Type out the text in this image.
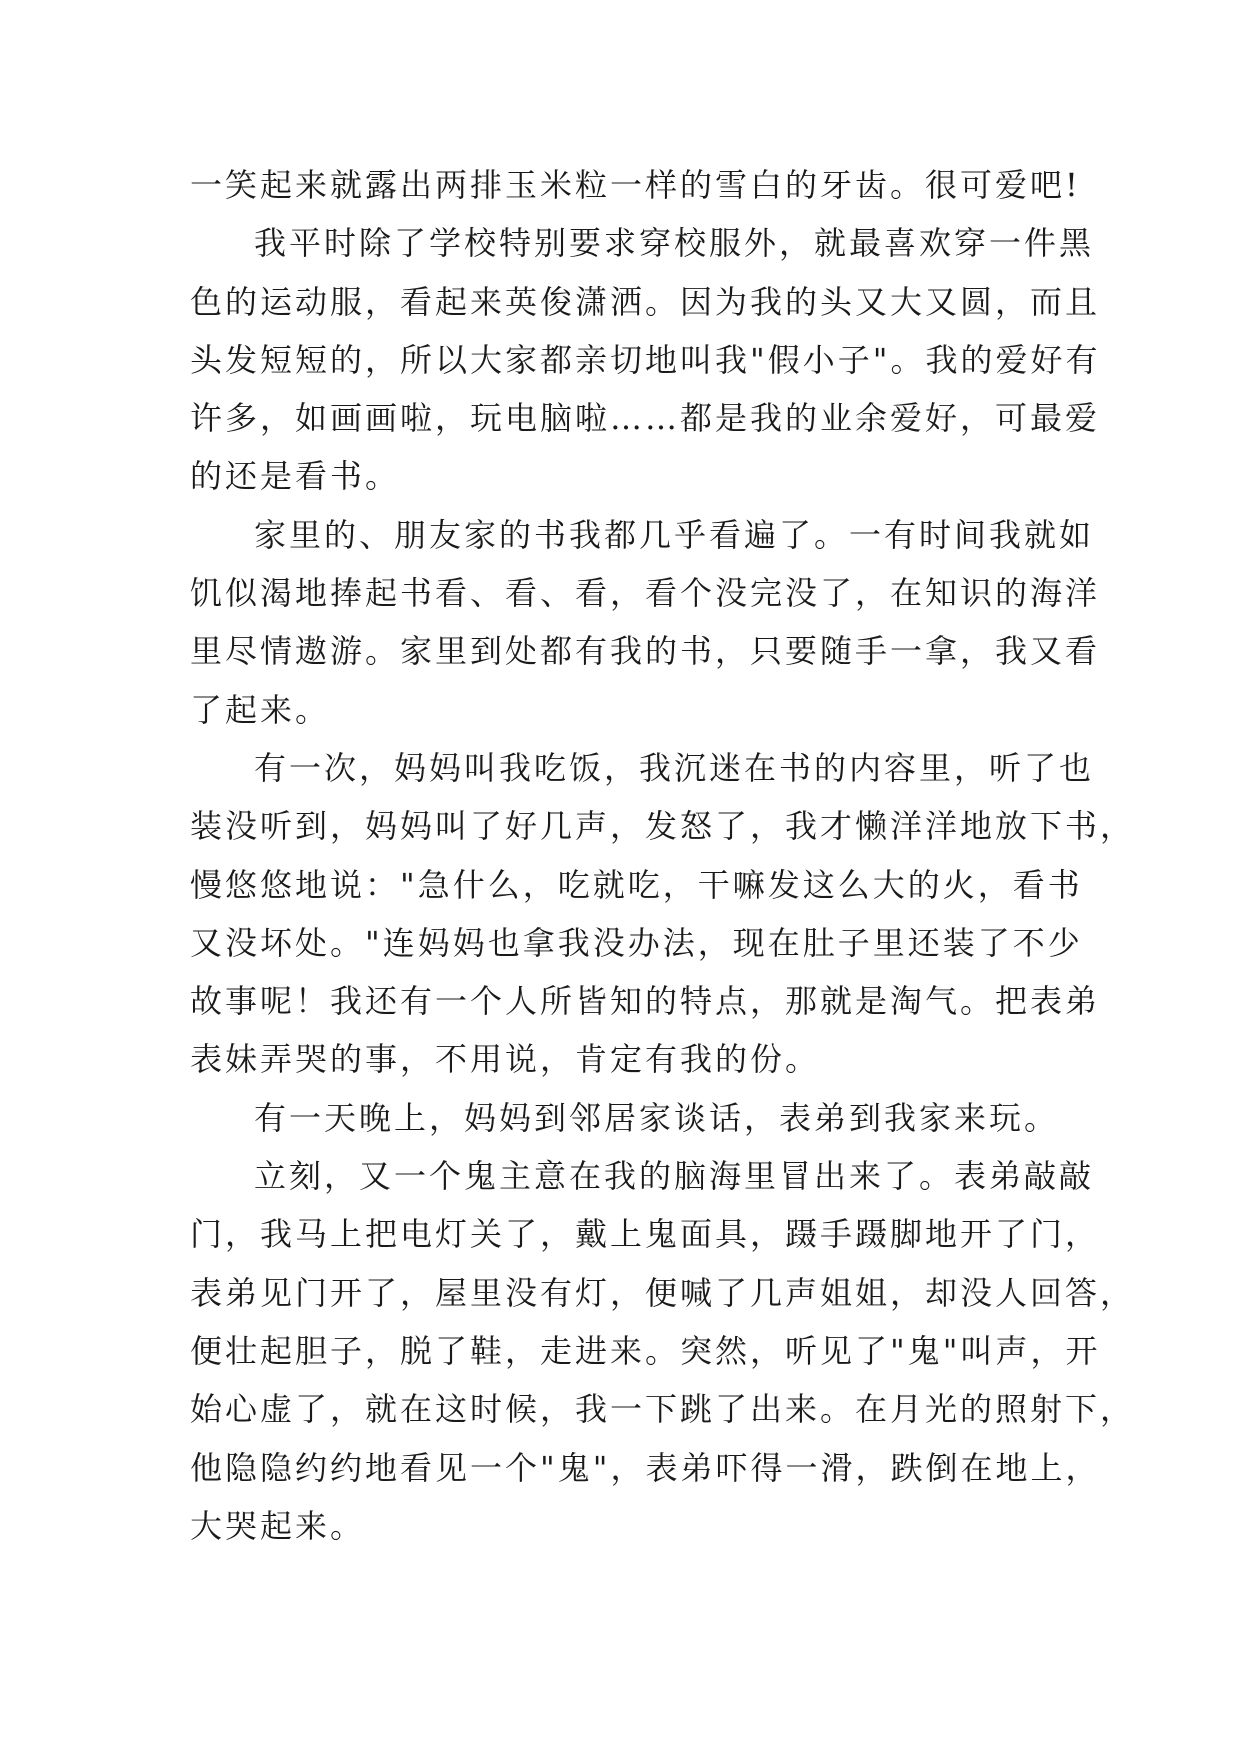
一笑起来就露出两排玉米粒一样的雪白的牙齿。很可爱吧!
我平时除了学校特别要求穿校服外，就最喜欢穿一件黑
色的运动服，看起来英俊潇洒。因为我的头又大又圆，而且
头发短短的，所以大家都亲切地叫我"假小子"。我的爱好有
许多，如画画啦，玩电脑啦……都是我的业余爱好，可最爱
的还是看书。
家里的、朋友家的书我都几乎看遍了。一有时间我就如
饥似渴地捧起书看、看、看，看个没完没了，在知识的海洋
里尽情遨游。家里到处都有我的书，只要随手一拿，我又看
了起来。
有一次，妈妈叫我吃饭，我沉迷在书的内容里，听了也
装没听到，妈妈叫了好几声，发怒了，我才懒洋洋地放下书，
慢悠悠地说："急什么，吃就吃，干嘛发这么大的火，看书
又没坏处。"连妈妈也拿我没办法，现在肚子里还装了不少
故事呢！我还有一个人所皆知的特点，那就是淘气。把表弟
表妹弄哭的事，不用说，肯定有我的份。
有一天晚上，妈妈到邻居家谈话，表弟到我家来玩。
立刻，又一个鬼主意在我的脑海里冒出来了。表弟敲敲
门，我马上把电灯关了，戴上鬼面具，蹑手蹑脚地开了门，
表弟见门开了，屋里没有灯，便喊了几声姐姐，却没人回答，
便壮起胆子，脱了鞋，走进来。突然，听见了"鬼"叫声，开
始心虚了，就在这时候，我一下跳了出来。在月光的照射下，
他隐隐约约地看见一个"鬼"，表弟吓得一滑，跌倒在地上，
大哭起来。
